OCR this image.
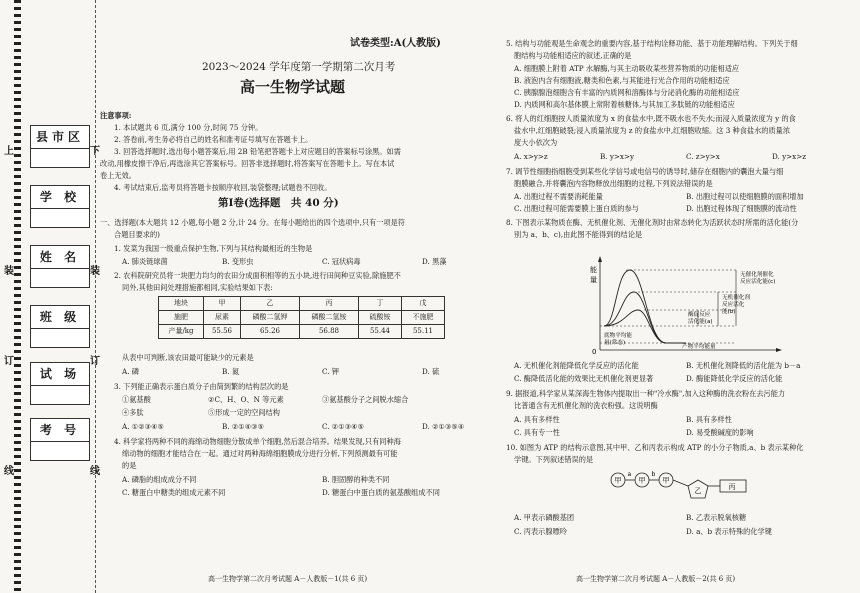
上	下
装	装
订	订
线	线
县市区
学 校
姓 名
班 级
试 场
考 号
试卷类型:A(人教版)
2023～2024 学年度第一学期第二次月考
高一生物学试题
注意事项:
1. 本试题共 6 页,满分 100 分,时间 75 分钟。
2. 答卷前,考生务必将自己的姓名和准考证号填写在答题卡上。
3. 回答选择题时,选出每小题答案后,用 2B 铅笔把答题卡上对应题目的答案标号涂黑。如需
改动,用橡皮擦干净后,再选涂其它答案标号。回答非选择题时,将答案写在答题卡上。写在本试
卷上无效。
4. 考试结束后,监考员将答题卡按顺序收回,装袋整理;试题卷不回收。
第Ⅰ卷(选择题　共 40 分)
一、选择题(本大题共 12 小题,每小题 2 分,计 24 分。在每小题给出的四个选项中,只有一项是符
合题目要求的)
1. 发菜为我国一级重点保护生物,下列与其结构最相近的生物是
A. 肺炎链球菌	B. 变形虫	C. 冠状病毒	D. 黑藻
2. 农科院研究员将一块肥力均匀的农田分成面积相等的五小块,进行田间种豆实验,除施肥不
同外,其他田间处理措施都相同,实验结果如下表:
地块	甲	乙	丙	丁	戊
施肥	尿素	磷酸二氢钾	磷酸二氢铵	硫酸铵	不施肥
产量/kg	55.56	65.26	56.88	55.44	55.11
从表中可判断,该农田最可能缺少的元素是
A. 磷	B. 氮	C. 钾	D. 硫
3. 下列能正确表示蛋白质分子由简到繁的结构层次的是
①氨基酸	②C、H、O、N 等元素	③氨基酸分子之间脱水缩合
④多肽	⑤形成一定的空间结构
A. ①②③④⑤	B. ②①④③⑤	C. ②①③④⑤	D. ②①③⑤④
4. 科学家将两种不同的海绵动物细胞分散成单个细胞,然后混合培养。结果发现,只有同种海
绵动物的细胞才能结合在一起。通过对两种海绵细胞膜成分进行分析,下列预测最有可能
的是
A. 磷脂的组成成分不同	B. 胆固醇的种类不同
C. 糖蛋白中糖类的组成元素不同	D. 糖蛋白中蛋白质的氨基酸组成不同
高一生物学第二次月考试题 A－人教版－1(共 6 页)
5. 结构与功能观是生命观念的重要内容,基于结构诠释功能、基于功能理解结构。下列关于细
胞结构与功能相适应的叙述,正确的是
A. 细胞膜上附着 ATP 水解酶,与其主动吸收某些营养物质的功能相适应
B. 液泡内含有细胞液,糖类和色素,与其能进行光合作用的功能相适应
C. 胰腺腺泡细胞含有丰富的内质网和溶酶体与分泌消化酶的功能相适应
D. 内质网和高尔基体膜上常附着核糖体,与其加工多肽链的功能相适应
6. 将人的红细胞按人质量浓度为 x 的食盐水中,既不吸水也不失水;而浸入质量浓度为 y 的食
盐水中,红细胞破裂;浸入质量浓度为 z 的食盐水中,红细胞收缩。这 3 种食盐水的质量浓
度大小依次为
A. x>y>z	B. y>x>y	C. z>y>x	D. y>x>z
7. 调节性细胞指细胞受到某些化学信号或电信号的诱导时,储存在细胞内的囊泡大量与细
胞膜融合,并将囊泡内容物释放出细胞的过程,下列说法错误的是
A. 出胞过程不需要消耗能量	B. 出胞过程可以使细胞膜的面积增加
C. 出胞过程可能需要膜上蛋白质的参与	D. 出胞过程体现了细胞膜的流动性
8. 下图表示某物质在酶、无机催化剂、无催化剂时由常态转化为活跃状态时所需的活化能(分
别为 a、b、c),由此图不能得到的结论是
能
量
0
无催化剂催化
反应活化能(c)
无机催化剂
反应活化
能(b)
酶促反应
活化能(a)
底物平均能
量(常态)
产物平均能量
A. 无机催化剂能降低化学反应的活化能	B. 无机催化剂降低的活化能为 b－a
C. 酶降低活化能的效果比无机催化剂更显著	D. 酶能降低化学反应的活化能
9. 据报道,科学家从某深海生物体内提取出一种"冷水酶",加入这种酶的洗衣粉在去污能力
比普通含有无机催化剂的洗衣粉强。这说明酶
A. 具有多样性	B. 具有多样性
C. 具有专一性	D. 易受酸碱度的影响
10. 如图为 ATP 的结构示意图,其中甲、乙和丙表示构成 ATP 的小分子物质,a、b 表示某种化
学键。下列叙述错误的是
甲
a
甲
b
甲
乙	丙
A. 甲表示磷酸基团	B. 乙表示脱氧核糖
C. 丙表示腺嘌呤	D. a、b 表示特殊的化学键
高一生物学第二次月考试题 A－人教版－2(共 6 页)
